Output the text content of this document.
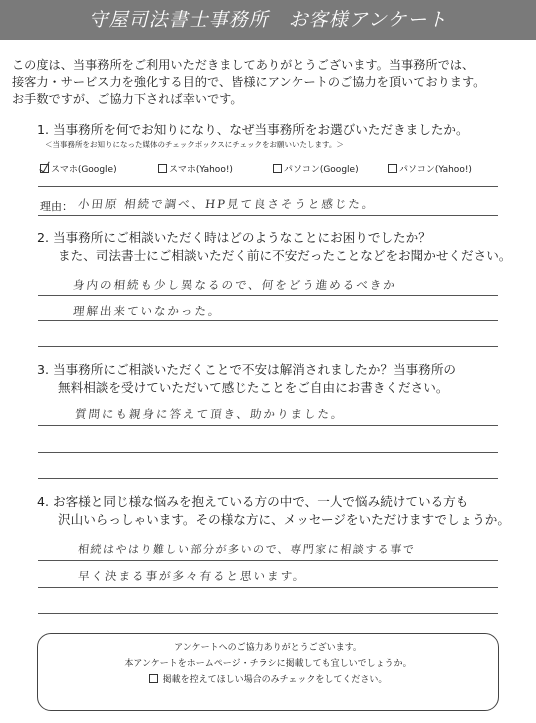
守屋司法書士事務所　お客様アンケート
この度は、当事務所をご利用いただきましてありがとうございます。当事務所では、
接客力・サービス力を強化する目的で、皆様にアンケートのご協力を頂いております。
お手数ですが、ご協力下されば幸いです。
1. 当事務所を何でお知りになり、なぜ当事務所をお選びいただきましたか。
＜当事務所をお知りになった媒体のチェックボックスにチェックをお願いいたします。＞
スマホ(Google)	スマホ(Yahoo!)	パソコン(Google)	パソコン(Yahoo!)
理由： 小田原 相続で調べ、HP見て良さそうと感じた。
2. 当事務所にご相談いただく時はどのようなことにお困りでしたか？
また、司法書士にご相談いただく前に不安だったことなどをお聞かせください。
身内の相続も少し異なるので、何をどう進めるべきか
理解出来ていなかった。
3. 当事務所にご相談いただくことで不安は解消されましたか？当事務所の
無料相談を受けていただいて感じたことをご自由にお書きください。
質問にも親身に答えて頂き、助かりました。
4. お客様と同じ様な悩みを抱えている方の中で、一人で悩み続けている方も
沢山いらっしゃいます。その様な方に、メッセージをいただけますでしょうか。
相続はやはり難しい部分が多いので、専門家に相談する事で
早く決まる事が多々有ると思います。
アンケートへのご協力ありがとうございます。
本アンケートをホームページ・チラシに掲載しても宜しいでしょうか。
掲載を控えてほしい場合のみチェックをしてください。
